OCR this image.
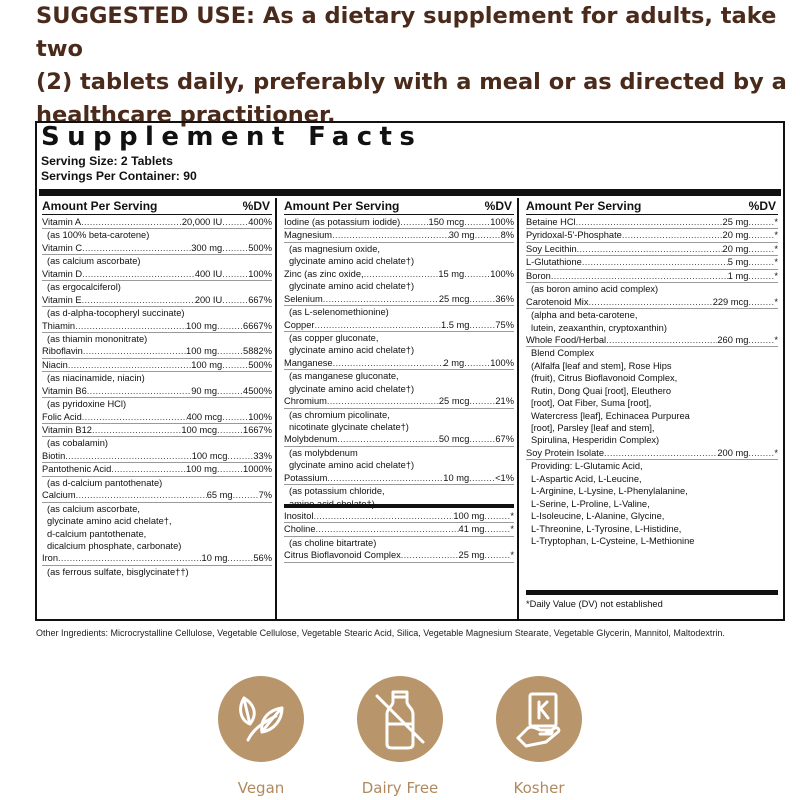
SUGGESTED USE: As a dietary supplement for adults, take two
(2) tablets daily, preferably with a meal or as directed by a
healthcare practitioner.
Supplement Facts
Serving Size: 2 Tablets
Servings Per Container: 90
Amount Per Serving	%DV
Vitamin A .....	20,000 IU .....	400%
(as 100% beta-carotene)
Vitamin C .....	300 mg .....	500%
(as calcium ascorbate)
Vitamin D .....	400 IU .....	100%
(as ergocalciferol)
Vitamin E .....	200 IU .....	667%
(as d-alpha-tocopheryl succinate)
Thiamin .....	100 mg .....	6667%
(as thiamin mononitrate)
Riboflavin .....	100 mg .....	5882%
Niacin .....	100 mg .....	500%
(as niacinamide, niacin)
Vitamin B6 .....	90 mg .....	4500%
(as pyridoxine HCl)
Folic Acid .....	400 mcg .....	100%
Vitamin B12 .....	100 mcg .....	1667%
(as cobalamin)
Biotin .....	100 mcg .....	33%
Pantothenic Acid .....	100 mg .....	1000%
(as d-calcium pantothenate)
Calcium .....	65 mg .....	7%
(as calcium ascorbate,
glycinate amino acid chelate†,
d-calcium pantothenate,
dicalcium phosphate, carbonate)
Iron .....	10 mg .....	56%
(as ferrous sulfate, bisglycinate††)
Amount Per Serving	%DV
Iodine (as potassium iodide) .....	150 mcg .....	100%
Magnesium .....	30 mg .....	8%
(as magnesium oxide,
glycinate amino acid chelate†)
Zinc (as zinc oxide, .....	15 mg .....	100%
glycinate amino acid chelate†)
Selenium .....	25 mcg .....	36%
(as L-selenomethionine)
Copper .....	1.5 mg .....	75%
(as copper gluconate,
glycinate amino acid chelate†)
Manganese .....	2 mg .....	100%
(as manganese gluconate,
glycinate amino acid chelate†)
Chromium .....	25 mcg .....	21%
(as chromium picolinate,
nicotinate glycinate chelate†)
Molybdenum .....	50 mcg .....	67%
(as molybdenum
glycinate amino acid chelate†)
Potassium .....	10 mg .....	<1%
(as potassium chloride,
Inositol .....	100 mg .....	*
Choline .....	41 mg .....	*
(as choline bitartrate)
Citrus Bioflavonoid Complex .....	25 mg .....	*
Amount Per Serving	%DV
Betaine HCl .....	25 mg .....	*
Pyridoxal-5'-Phosphate .....	20 mg .....	*
Soy Lecithin .....	20 mg .....	*
L-Glutathione .....	5 mg .....	*
Boron .....	1 mg .....	*
(as boron amino acid complex)
Carotenoid Mix .....	229 mcg .....	*
(alpha and beta-carotene,
lutein, zeaxanthin, cryptoxanthin)
Whole Food/Herbal .....	260 mg .....	*
Blend Complex
(Alfalfa [leaf and stem], Rose Hips
(fruit), Citrus Bioflavonoid Complex,
Rutin, Dong Quai [root], Eleuthero
[root], Oat Fiber, Suma [root],
Watercress [leaf], Echinacea Purpurea
[root], Parsley [leaf and stem],
Spirulina, Hesperidin Complex)
Soy Protein Isolate .....	200 mg .....	*
Providing: L-Glutamic Acid,
L-Aspartic Acid, L-Leucine,
L-Arginine, L-Lysine, L-Phenylalanine,
L-Serine, L-Proline, L-Valine,
L-Isoleucine, L-Alanine, Glycine,
L-Threonine, L-Tyrosine, L-Histidine,
L-Tryptophan, L-Cysteine, L-Methionine
*Daily Value (DV) not established
Other Ingredients: Microcrystalline Cellulose, Vegetable Cellulose, Vegetable Stearic Acid, Silica, Vegetable Magnesium Stearate, Vegetable Glycerin, Mannitol, Maltodextrin.
Vegan	Dairy Free	Kosher
